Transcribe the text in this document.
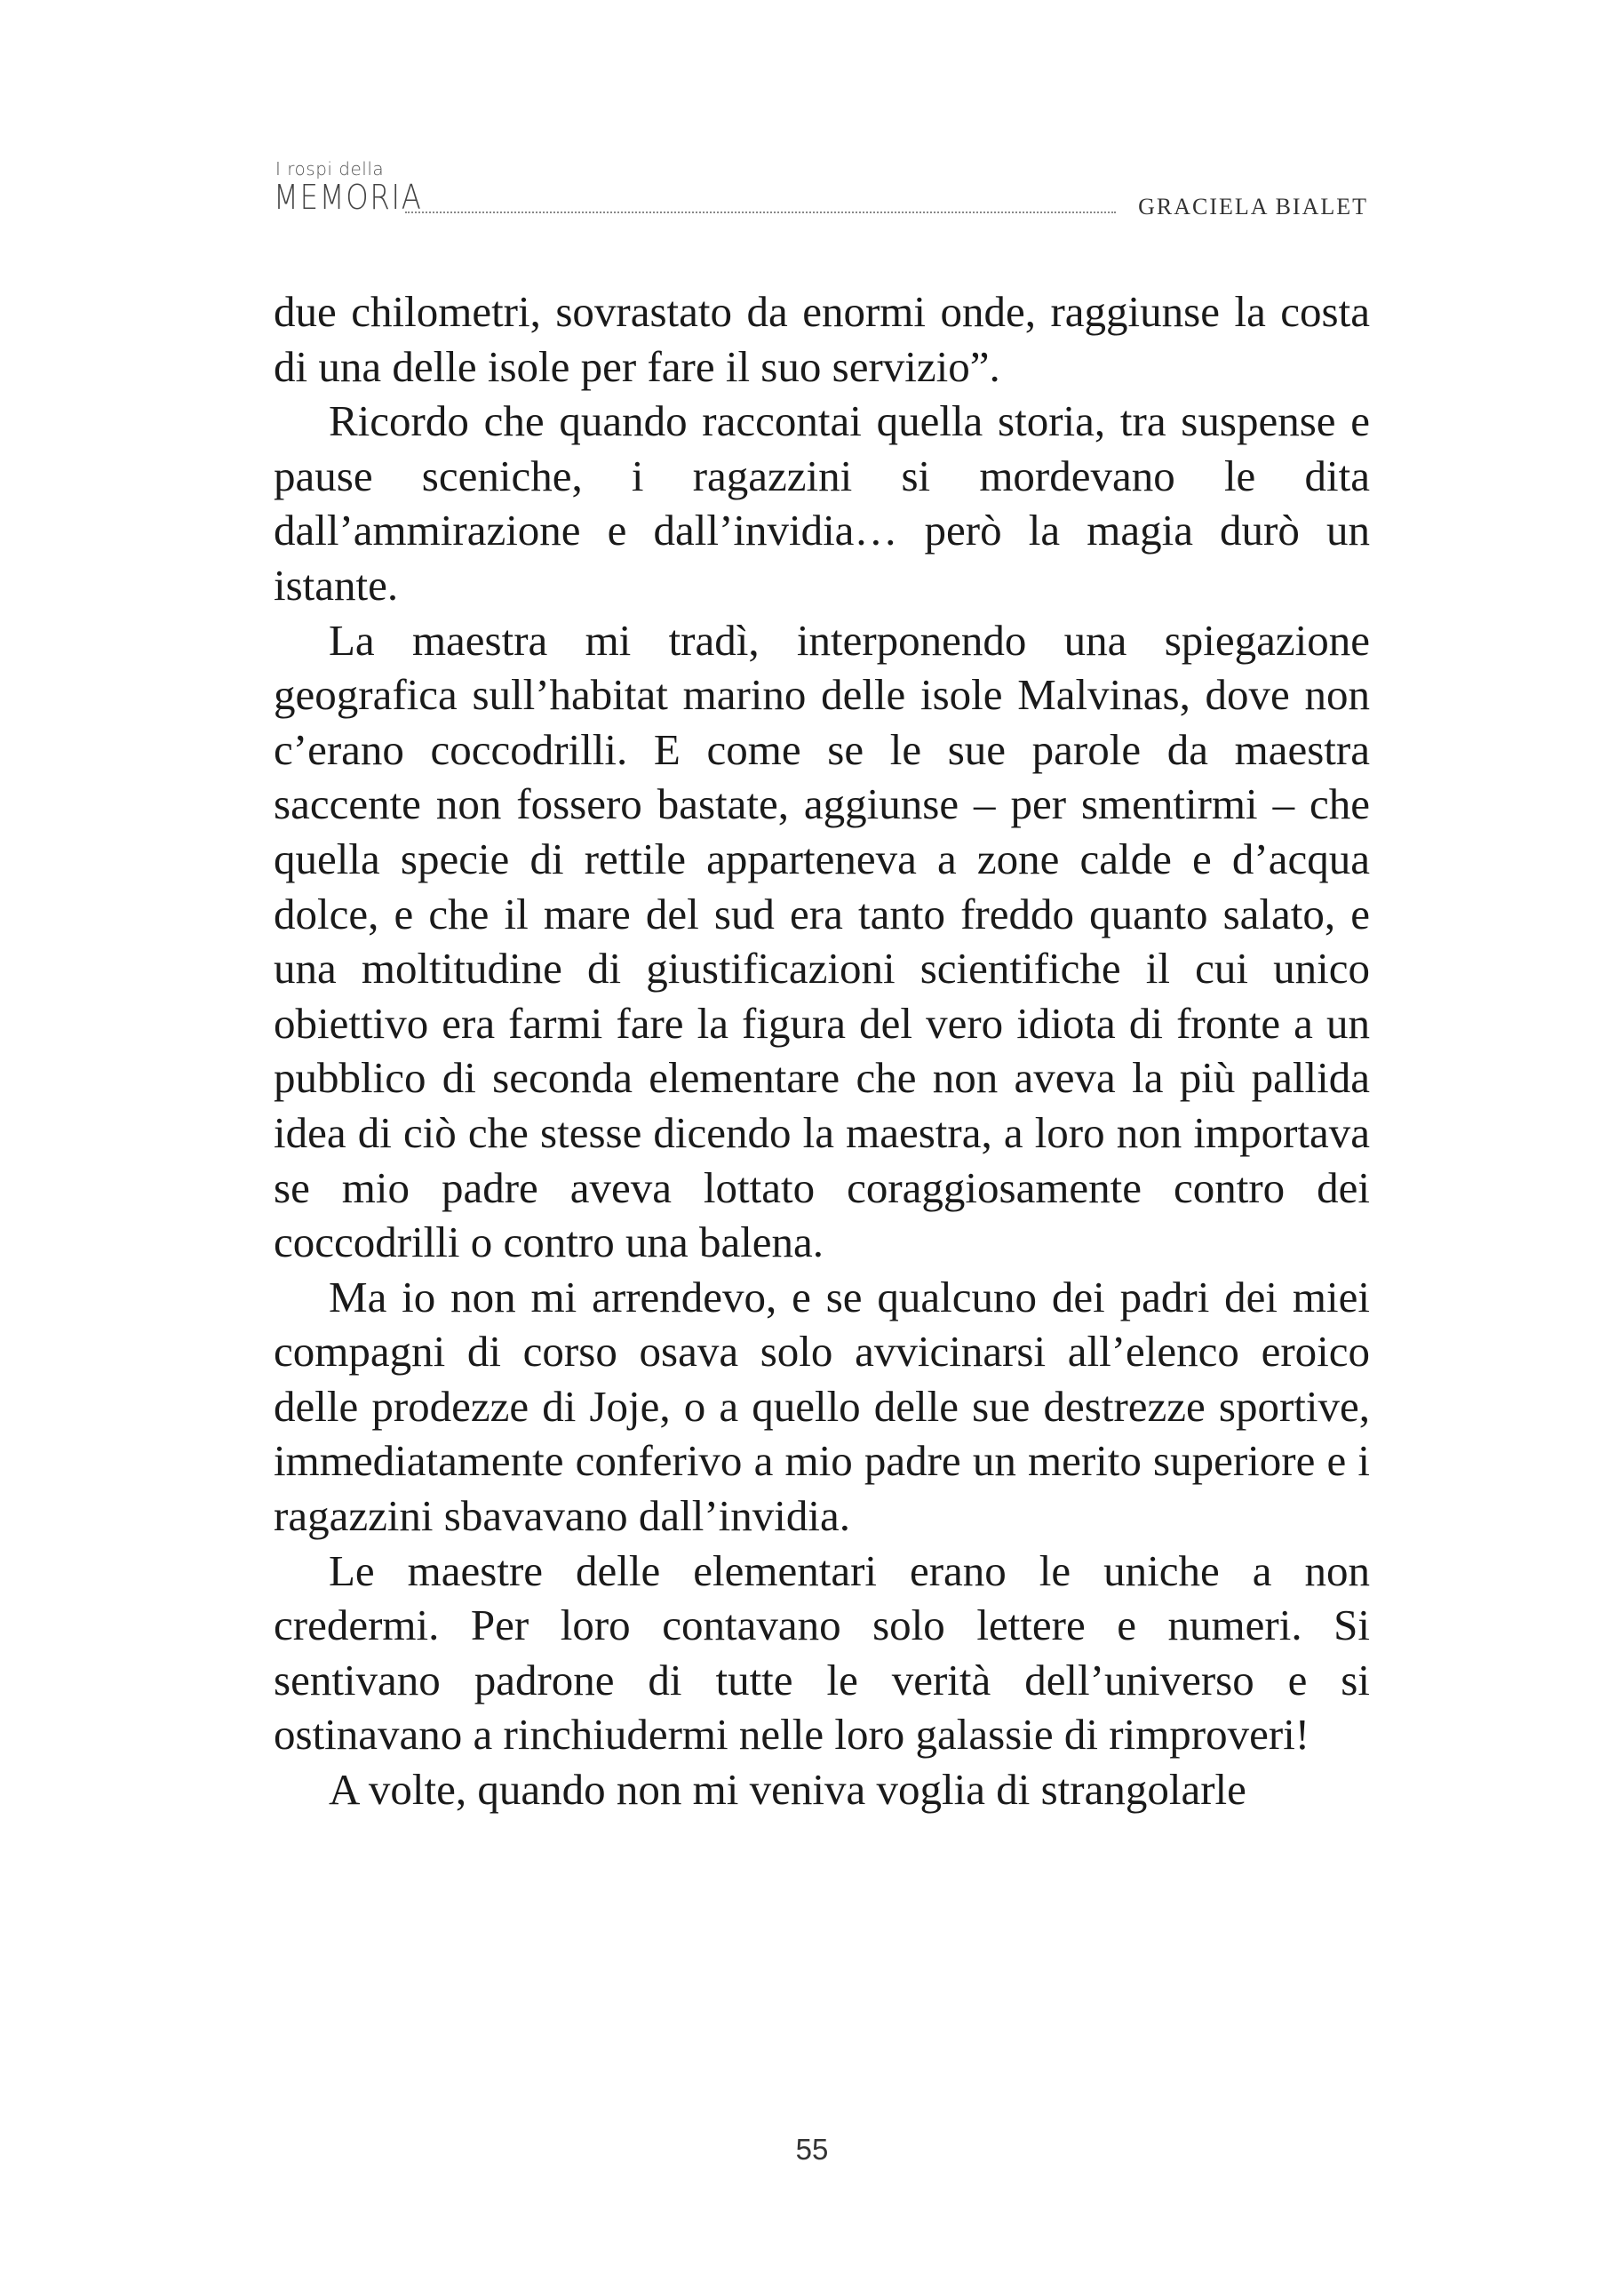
I rospi della
MEMORIA	GRACIELA BIALET

due chilometri, sovrastato da enormi onde, raggiunse la costa di una delle isole per fare il suo servizio”.

Ricordo che quando raccontai quella storia, tra suspense e pause sceniche, i ragazzini si mordevano le dita dall’ammirazione e dall’invidia… però la magia durò un istante.

La maestra mi tradì, interponendo una spiegazione geografica sull’habitat marino delle isole Malvinas, dove non c’erano coccodrilli. E come se le sue parole da maestra saccente non fossero bastate, aggiunse – per smentirmi – che quella specie di rettile apparteneva a zone calde e d’acqua dolce, e che il mare del sud era tanto freddo quanto salato, e una moltitudine di giustificazioni scientifiche il cui unico obiettivo era farmi fare la figura del vero idiota di fronte a un pubblico di seconda elementare che non aveva la più pallida idea di ciò che stesse dicendo la maestra, a loro non importava se mio padre aveva lottato coraggiosamente contro dei coccodrilli o contro una balena.

Ma io non mi arrendevo, e se qualcuno dei padri dei miei compagni di corso osava solo avvicinarsi all’elenco eroico delle prodezze di Joje, o a quello delle sue destrezze sportive, immediatamente conferivo a mio padre un merito superiore e i ragazzini sbavavano dall’invidia.

Le maestre delle elementari erano le uniche a non credermi. Per loro contavano solo lettere e numeri. Si sentivano padrone di tutte le verità dell’universo e si ostinavano a rinchiudermi nelle loro galassie di rimproveri!

A volte, quando non mi veniva voglia di strangolarle

55
